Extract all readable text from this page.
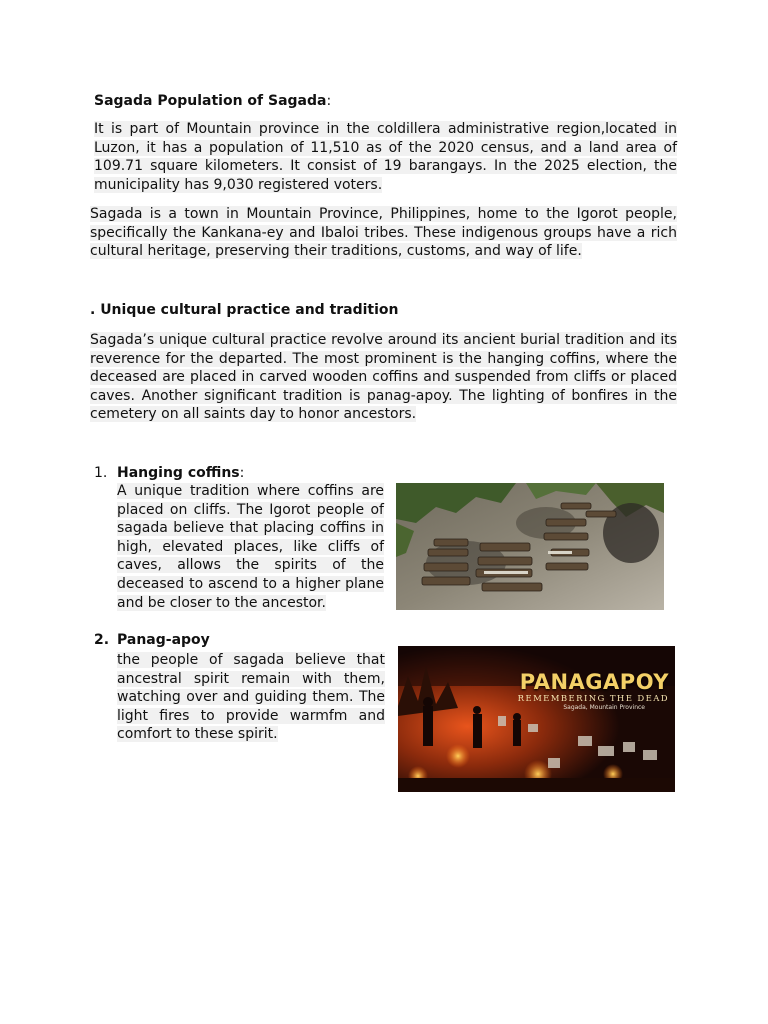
Sagada Population of Sagada:

It is part of Mountain province in the coldillera administrative region,located in Luzon, it has a population of 11,510 as of the 2020 census, and a land area of 109.71 square kilometers. It consist of 19 barangays. In the 2025 election, the municipality has 9,030 registered voters.

Sagada is a town in Mountain Province, Philippines, home to the Igorot people, specifically the Kankana-ey and Ibaloi tribes. These indigenous groups have a rich cultural heritage, preserving their traditions, customs, and way of life.

. Unique cultural practice and tradition

Sagada’s unique cultural practice revolve around its ancient burial tradition and its reverence for the departed. The most prominent is the hanging coffins, where the deceased are placed in carved wooden coffins and suspended from cliffs or placed caves. Another significant tradition is panag-apoy. The lighting of bonfires in the cemetery on all saints day to honor ancestors.

1. Hanging coffins:

A unique tradition where coffins are placed on cliffs. The Igorot people of sagada believe that placing coffins in high, elevated places, like cliffs of caves, allows the spirits of the deceased to ascend to a higher plane and be closer to the ancestor.

2. Panag-apoy

the people of sagada believe that ancestral spirit remain with them, watching over and guiding them. The light fires to provide warmfm and comfort to these spirit.

PANAGAPOY
REMEMBERING THE DEAD
Sagada, Mountain Province
